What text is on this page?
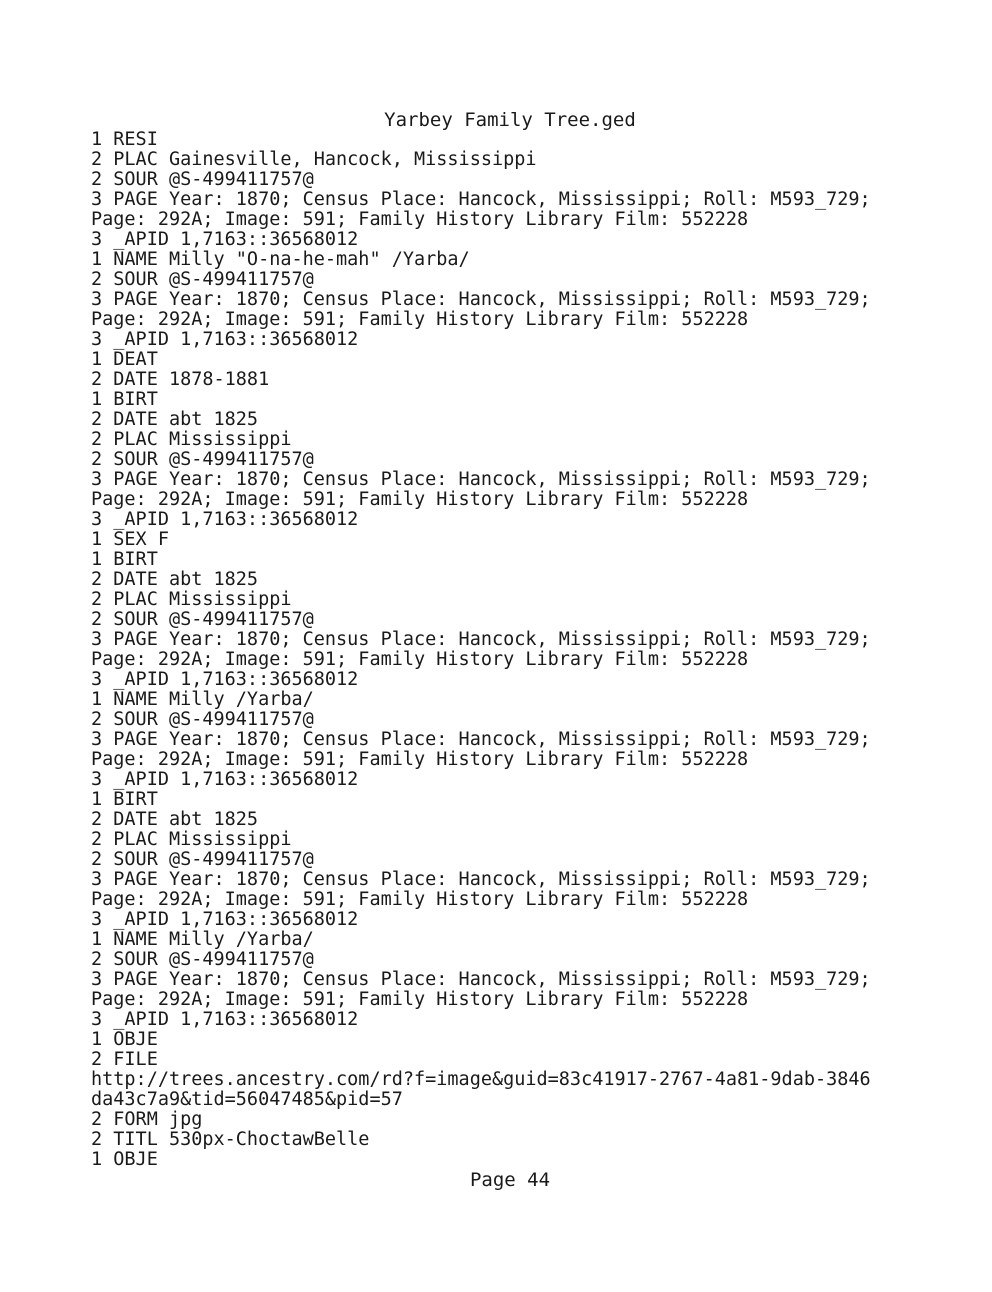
Yarbey Family Tree.ged
1 RESI
2 PLAC Gainesville, Hancock, Mississippi
2 SOUR @S-499411757@
3 PAGE Year: 1870; Census Place: Hancock, Mississippi; Roll: M593_729;
Page: 292A; Image: 591; Family History Library Film: 552228
3 _APID 1,7163::36568012
1 NAME Milly "O-na-he-mah" /Yarba/
2 SOUR @S-499411757@
3 PAGE Year: 1870; Census Place: Hancock, Mississippi; Roll: M593_729;
Page: 292A; Image: 591; Family History Library Film: 552228
3 _APID 1,7163::36568012
1 DEAT
2 DATE 1878-1881
1 BIRT
2 DATE abt 1825
2 PLAC Mississippi
2 SOUR @S-499411757@
3 PAGE Year: 1870; Census Place: Hancock, Mississippi; Roll: M593_729;
Page: 292A; Image: 591; Family History Library Film: 552228
3 _APID 1,7163::36568012
1 SEX F
1 BIRT
2 DATE abt 1825
2 PLAC Mississippi
2 SOUR @S-499411757@
3 PAGE Year: 1870; Census Place: Hancock, Mississippi; Roll: M593_729;
Page: 292A; Image: 591; Family History Library Film: 552228
3 _APID 1,7163::36568012
1 NAME Milly /Yarba/
2 SOUR @S-499411757@
3 PAGE Year: 1870; Census Place: Hancock, Mississippi; Roll: M593_729;
Page: 292A; Image: 591; Family History Library Film: 552228
3 _APID 1,7163::36568012
1 BIRT
2 DATE abt 1825
2 PLAC Mississippi
2 SOUR @S-499411757@
3 PAGE Year: 1870; Census Place: Hancock, Mississippi; Roll: M593_729;
Page: 292A; Image: 591; Family History Library Film: 552228
3 _APID 1,7163::36568012
1 NAME Milly /Yarba/
2 SOUR @S-499411757@
3 PAGE Year: 1870; Census Place: Hancock, Mississippi; Roll: M593_729;
Page: 292A; Image: 591; Family History Library Film: 552228
3 _APID 1,7163::36568012
1 OBJE
2 FILE
http://trees.ancestry.com/rd?f=image&guid=83c41917-2767-4a81-9dab-3846
da43c7a9&tid=56047485&pid=57
2 FORM jpg
2 TITL 530px-ChoctawBelle
1 OBJE
Page 44
